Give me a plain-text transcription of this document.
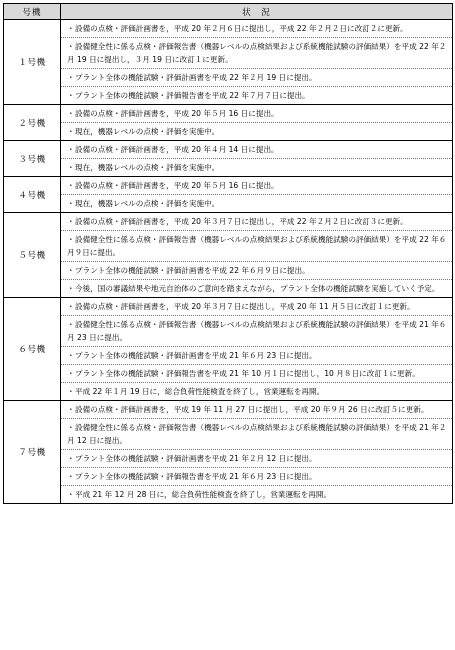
号機	状　況
１号機	・設備の点検・評価計画書を，平成 20 年２月６日に提出し，平成 22 年２月２日に改訂２に更新。
・設備健全性に係る点検・評価報告書（機器レベルの点検結果および系統機能試験の評価結果）を平成 22 年２月 19 日に提出し，３月 19 日に改訂１に更新。
・プラント全体の機能試験・評価計画書を平成 22 年２月 19 日に提出。
・プラント全体の機能試験・評価報告書を平成 22 年７月７日に提出。

２号機	・設備の点検・評価計画書を，平成 20 年５月 16 日に提出。
・現在，機器レベルの点検・評価を実施中。

３号機	・設備の点検・評価計画書を，平成 20 年４月 14 日に提出。
・現在，機器レベルの点検・評価を実施中。

４号機	・設備の点検・評価計画書を，平成 20 年５月 16 日に提出。
・現在，機器レベルの点検・評価を実施中。

５号機	・設備の点検・評価計画書を，平成 20 年３月７日に提出し，平成 22 年２月２日に改訂３に更新。
・設備健全性に係る点検・評価報告書（機器レベルの点検結果および系統機能試験の評価結果）を平成 22 年６月９日に提出。
・プラント全体の機能試験・評価計画書を平成 22 年６月９日に提出。
・今後，国の審議結果や地元自治体のご意向を踏まえながら，プラント全体の機能試験を実施していく予定。

６号機	・設備の点検・評価計画書を，平成 20 年３月７日に提出し，平成 20 年 11 月５日に改訂１に更新。
・設備健全性に係る点検・評価報告書（機器レベルの点検結果および系統機能試験の評価結果）を平成 21 年６月 23 日に提出。
・プラント全体の機能試験・評価計画書を平成 21 年６月 23 日に提出。
・プラント全体の機能試験・評価報告書を平成 21 年 10 月１日に提出し，10 月８日に改訂１に更新。
・平成 22 年１月 19 日に，総合負荷性能検査を終了し，営業運転を再開。

７号機	・設備の点検・評価計画書を，平成 19 年 11 月 27 日に提出し，平成 20 年９月 26 日に改訂５に更新。
・設備健全性に係る点検・評価報告書（機器レベルの点検結果および系統機能試験の評価結果）を平成 21 年２月 12 日に提出。
・プラント全体の機能試験・評価計画書を平成 21 年２月 12 日に提出。
・プラント全体の機能試験・評価報告書を平成 21 年６月 23 日に提出。
・平成 21 年 12 月 28 日に，総合負荷性能検査を終了し，営業運転を再開。
